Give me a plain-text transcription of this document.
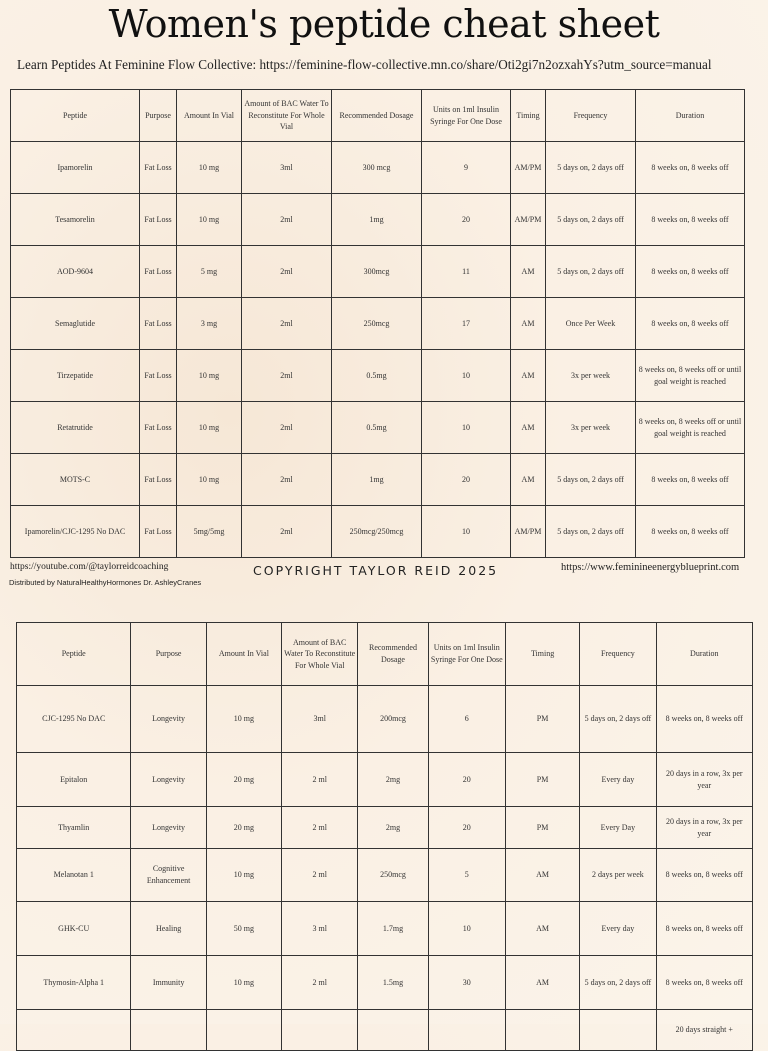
Women's peptide cheat sheet
Learn Peptides At Feminine Flow Collective: https://feminine-flow-collective.mn.co/share/Oti2gi7n2ozxahYs?utm_source=manual
Peptide	Purpose	Amount In Vial	Amount of BAC Water To Reconstitute For Whole Vial	Recommended Dosage	Units on 1ml Insulin Syringe For One Dose	Timing	Frequency	Duration
Ipamorelin	Fat Loss	10 mg	3ml	300 mcg	9	AM/PM	5 days on, 2 days off	8 weeks on, 8 weeks off
Tesamorelin	Fat Loss	10 mg	2ml	1mg	20	AM/PM	5 days on, 2 days off	8 weeks on, 8 weeks off
AOD-9604	Fat Loss	5 mg	2ml	300mcg	11	AM	5 days on, 2 days off	8 weeks on, 8 weeks off
Semaglutide	Fat Loss	3 mg	2ml	250mcg	17	AM	Once Per Week	8 weeks on, 8 weeks off
Tirzepatide	Fat Loss	10 mg	2ml	0.5mg	10	AM	3x per week	8 weeks on, 8 weeks off or until goal weight is reached
Retatrutide	Fat Loss	10 mg	2ml	0.5mg	10	AM	3x per week	8 weeks on, 8 weeks off or until goal weight is reached
MOTS-C	Fat Loss	10 mg	2ml	1mg	20	AM	5 days on, 2 days off	8 weeks on, 8 weeks off
Ipamorelin/CJC-1295 No DAC	Fat Loss	5mg/5mg	2ml	250mcg/250mcg	10	AM/PM	5 days on, 2 days off	8 weeks on, 8 weeks off
https://youtube.com/@taylorreidcoaching	COPYRIGHT TAYLOR REID 2025	https://www.feminineenergyblueprint.com
Distributed by NaturalHealthyHormones Dr. AshleyCranes
Peptide	Purpose	Amount In Vial	Amount of BAC Water To Reconstitute For Whole Vial	Recommended Dosage	Units on 1ml Insulin Syringe For One Dose	Timing	Frequency	Duration
CJC-1295 No DAC	Longevity	10 mg	3ml	200mcg	6	PM	5 days on, 2 days off	8 weeks on, 8 weeks off
Epitalon	Longevity	20 mg	2 ml	2mg	20	PM	Every day	20 days in a row, 3x per year
Thyamlin	Longevity	20 mg	2 ml	2mg	20	PM	Every Day	20 days in a row, 3x per year
Melanotan 1	Cognitive Enhancement	10 mg	2 ml	250mcg	5	AM	2 days per week	8 weeks on, 8 weeks off
GHK-CU	Healing	50 mg	3 ml	1.7mg	10	AM	Every day	8 weeks on, 8 weeks off
Thymosin-Alpha 1	Immunity	10 mg	2 ml	1.5mg	30	AM	5 days on, 2 days off	8 weeks on, 8 weeks off
								20 days straight +
